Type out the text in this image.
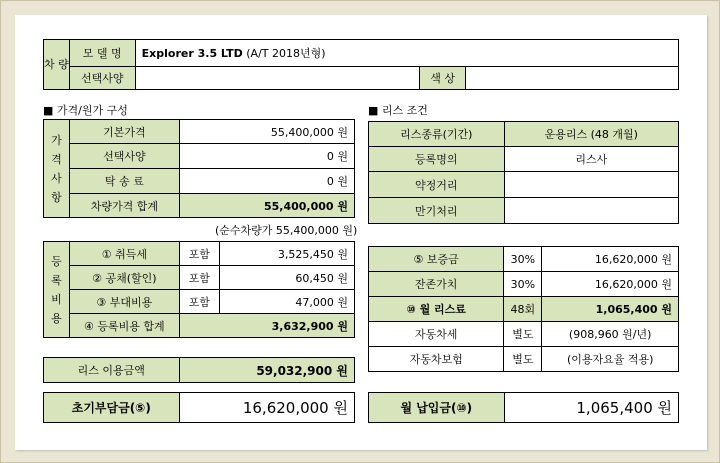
차 량	모 델 명	Explorer 3.5 LTD (A/T 2018년형)		
	선택사양		색 상	
■ 가격/원가 구성
가 격 사 항	기본가격	55,400,000 원
	선택사양	0 원
	탁 송 료	0 원
	차량가격 합계	55,400,000 원
(순수차량가 55,400,000 원)
등 록 비 용	① 취득세	포함	3,525,450 원
	② 공채(할인)	포함	60,450 원
	③ 부대비용	포함	47,000 원
	④ 등록비용 합계	3,632,900 원	
리스 이용금액	59,032,900 원
초기부담금(⑤)	16,620,000 원
■ 리스 조건
리스종류(기간)	운용리스 (48 개월)
등록명의	리스사
약정거리	
만기처리	
⑤ 보증금	30%	16,620,000 원
잔존가치	30%	16,620,000 원
⑩ 월 리스료	48회	1,065,400 원
자동차세	별도	(908,960 원/년)
자동차보험	별도	(이용자요율 적용)
월 납입금(⑩)	1,065,400 원
